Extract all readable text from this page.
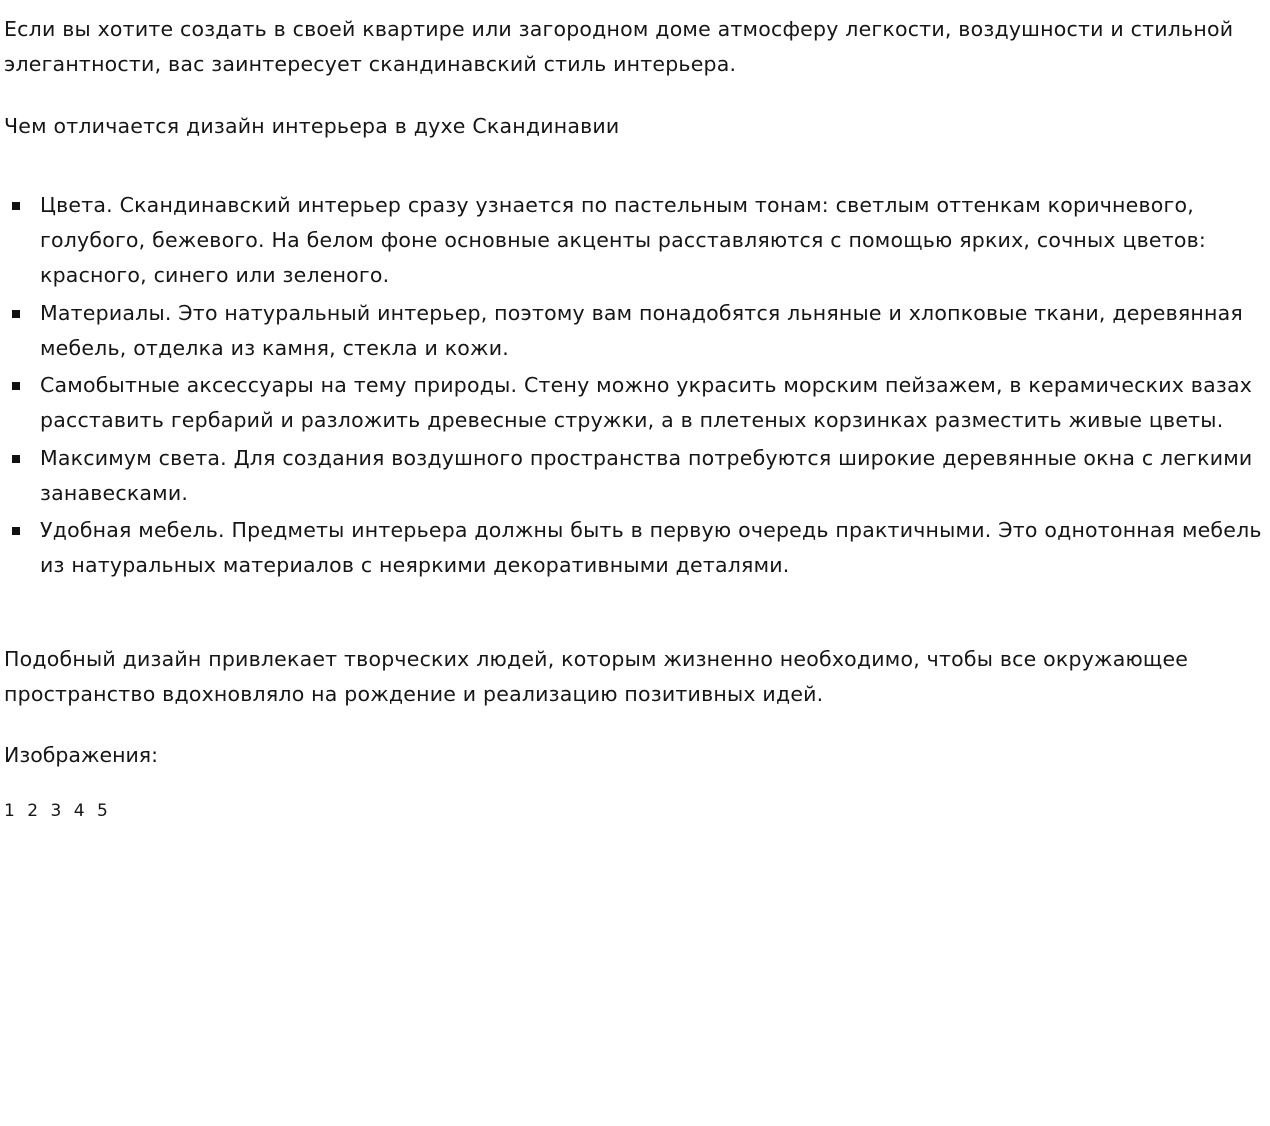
Если вы хотите создать в своей квартире или загородном доме атмосферу легкости, воздушности и стильной элегантности, вас заинтересует скандинавский стиль интерьера.

Чем отличается дизайн интерьера в духе Скандинавии

Цвета. Скандинавский интерьер сразу узнается по пастельным тонам: светлым оттенкам коричневого, голубого, бежевого. На белом фоне основные акценты расставляются с помощью ярких, сочных цветов: красного, синего или зеленого.
Материалы. Это натуральный интерьер, поэтому вам понадобятся льняные и хлопковые ткани, деревянная мебель, отделка из камня, стекла и кожи.
Самобытные аксессуары на тему природы. Стену можно украсить морским пейзажем, в керамических вазах расставить гербарий и разложить древесные стружки, а в плетеных корзинках разместить живые цветы.
Максимум света. Для создания воздушного пространства потребуются широкие деревянные окна с легкими занавесками.
Удобная мебель. Предметы интерьера должны быть в первую очередь практичными. Это однотонная мебель из натуральных материалов с неяркими декоративными деталями.

Подобный дизайн привлекает творческих людей, которым жизненно необходимо, чтобы все окружающее пространство вдохновляло на рождение и реализацию позитивных идей.

Изображения:

1 2 3 4 5
